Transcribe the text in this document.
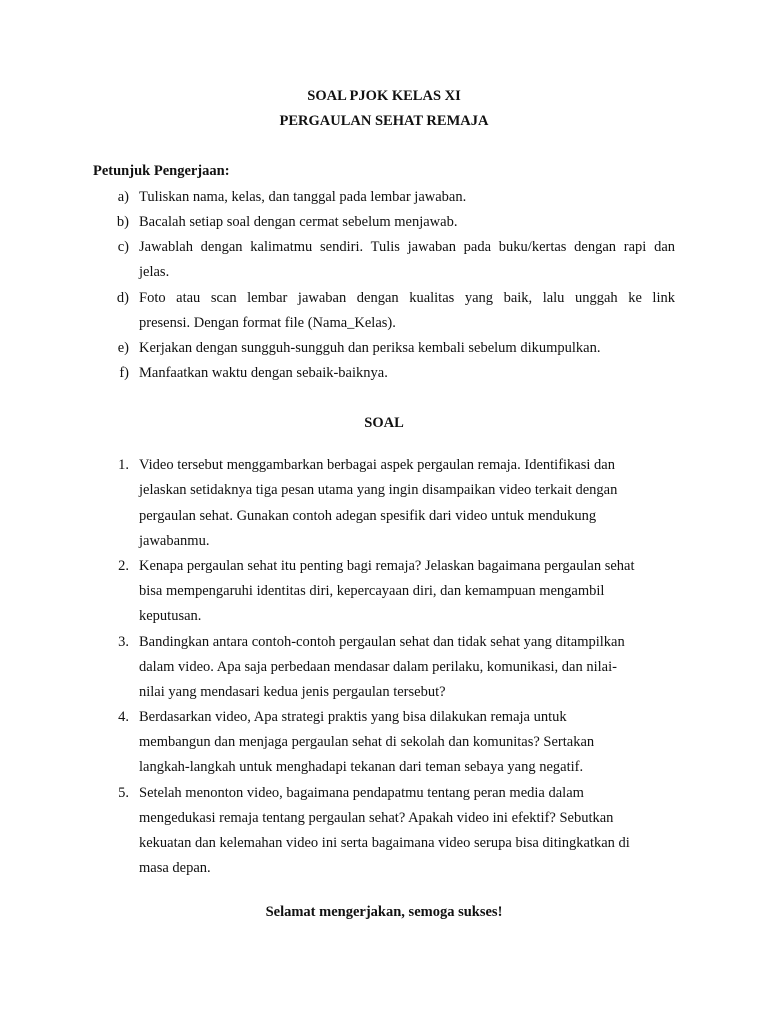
SOAL PJOK KELAS XI
PERGAULAN SEHAT REMAJA
Petunjuk Pengerjaan:
a) Tuliskan nama, kelas, dan tanggal pada lembar jawaban.
b) Bacalah setiap soal dengan cermat sebelum menjawab.
c) Jawablah dengan kalimatmu sendiri. Tulis jawaban pada buku/kertas dengan rapi dan
jelas.
d) Foto atau scan lembar jawaban dengan kualitas yang baik, lalu unggah ke link
presensi. Dengan format file (Nama_Kelas).
e) Kerjakan dengan sungguh-sungguh dan periksa kembali sebelum dikumpulkan.
f) Manfaatkan waktu dengan sebaik-baiknya.
SOAL
1. Video tersebut menggambarkan berbagai aspek pergaulan remaja. Identifikasi dan
jelaskan setidaknya tiga pesan utama yang ingin disampaikan video terkait dengan
pergaulan sehat. Gunakan contoh adegan spesifik dari video untuk mendukung
jawabanmu.
2. Kenapa pergaulan sehat itu penting bagi remaja? Jelaskan bagaimana pergaulan sehat
bisa mempengaruhi identitas diri, kepercayaan diri, dan kemampuan mengambil
keputusan.
3. Bandingkan antara contoh-contoh pergaulan sehat dan tidak sehat yang ditampilkan
dalam video. Apa saja perbedaan mendasar dalam perilaku, komunikasi, dan nilai-
nilai yang mendasari kedua jenis pergaulan tersebut?
4. Berdasarkan video, Apa strategi praktis yang bisa dilakukan remaja untuk
membangun dan menjaga pergaulan sehat di sekolah dan komunitas? Sertakan
langkah-langkah untuk menghadapi tekanan dari teman sebaya yang negatif.
5. Setelah menonton video, bagaimana pendapatmu tentang peran media dalam
mengedukasi remaja tentang pergaulan sehat? Apakah video ini efektif? Sebutkan
kekuatan dan kelemahan video ini serta bagaimana video serupa bisa ditingkatkan di
masa depan.
Selamat mengerjakan, semoga sukses!
